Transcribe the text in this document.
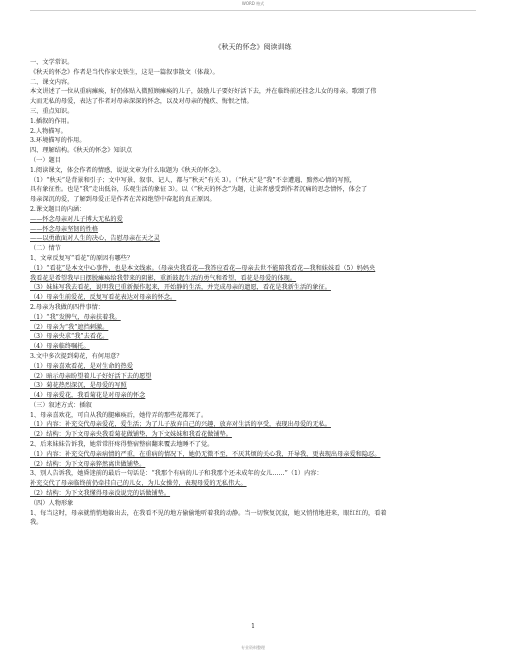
WORD 格式
《秋天的怀念》阅读训练
一、文学常识。
《秋天的怀念》作者是当代作家史铁生，这是一篇叙事散文（体裁）。
二、课文内容。
本文讲述了一位从重病瘫痪，好仍体贴入微照顾瘫痪的儿子，鼓励儿子要好好活下去，并在临终前还挂念儿女的母亲。歌颂了伟
大而无私的母爱，表达了作者对母亲深深的怀念，以及对母亲的愧疚、悔恨之情。
三、重点知识。
1.插叙的作用。
2.人物描写。
3.环境描写的作用。
四、理解结构。《秋天的怀念》知识点
（一）题目
1.阅读课文，体会作者的情感，说说文章为什么取题为《秋天的怀念》。
（1）“秋天”是背景和引子；文中写景、叙事、记人，都与“秋天”有关 3）。（“秋天”是“我”不幸遭遇、黯然心情的写照，
具有象征性。也是“我”走出低谷，乐观生活的象征 3）。以（“秋天的怀念”为题，让读者感受到作者沉痛的思念情怀，体会了
母亲深沉的爱，了解到母爱正是作者在苦闷绝望中奋起的真正原因。
2.课文题目的内涵：
——怀念母亲对儿子博大无私的爱
——怀念母亲坚韧的性格
——以勇敢面对人生的决心，告慰母亲在天之灵
（二）情节
1、文章反复写“看花”的原因有哪些？
（1）“看花”是本文中心事件，也是本文线索。（母亲央我看花—我答应看花—母亲去世不能陪我看花—我和妹妹看（5）妈妈央
我看花是希望我早日摆脱瘫痪给我带来的阴影，重新鼓起生活的勇气和希望，看花是母爱的体现。
（3）妹妹写我去看花，说明我已重新振作起来，开始静的生活，并完成母亲的遗愿，看花是我新生活的象征。
（4）母亲生前爱花，反复写看花表达对母亲的怀念。
2.母亲为我做的四件事情：
（1）“我”发脾气，母亲扶着我。
（2）母亲为“我”遮挡刺激。
（3）母亲央求“我”去看花。
（4）母亲临终嘱托。
3.文中多次提到菊花，有何用意？
（1）母亲喜欢看花，是对生命的热爱
（2）暗示母亲盼望着儿子好好活下去的愿望
（3）菊花热烈深沉，是母爱的写照
（4）母亲爱花，我看菊花是对母亲的怀念
（三）叙述方式：插叙
1、母亲喜欢花，可自从我的腿瘫痪后，她侍弄的那些花都死了。
（1）内容：补充交代母亲爱花，爱生活；为了儿子放弃自己的兴趣，放弃对生活的享受，表现出母爱的无私。
（2）结构：为下文母亲央我看菊花做铺垫，为下文妹妹和我看花做铺垫。
2、后来妹妹告诉我，她常常肝疼得整宿整宿翻来覆去地睡不了觉。
（1）内容：补充交代母亲病情的严重，在重病的情况下，她仍无微不至，不厌其烦的关心我，开导我，更表现出母亲爱和隐忍。
（2）结构：为下文母亲猝然离世做铺垫。
3、别人告诉我，她昏迷前的最后一句话是：“我那个有病的儿子和我那个还未成年的女儿……”（1）内容：
补充交代了母亲临终前仍牵挂自己的儿女，为儿女操劳，表现母爱的无私伟大。
（2）结构：为下文我懂得母亲没说完的话做铺垫。
（四）人物形象
1、每当这时，母亲就悄悄地躲出去，在我看不见的地方偷偷地听着我的动静。当一切恢复沉寂，她又悄悄地进来，眼红红的，看着
我。
1
专业资料整理
